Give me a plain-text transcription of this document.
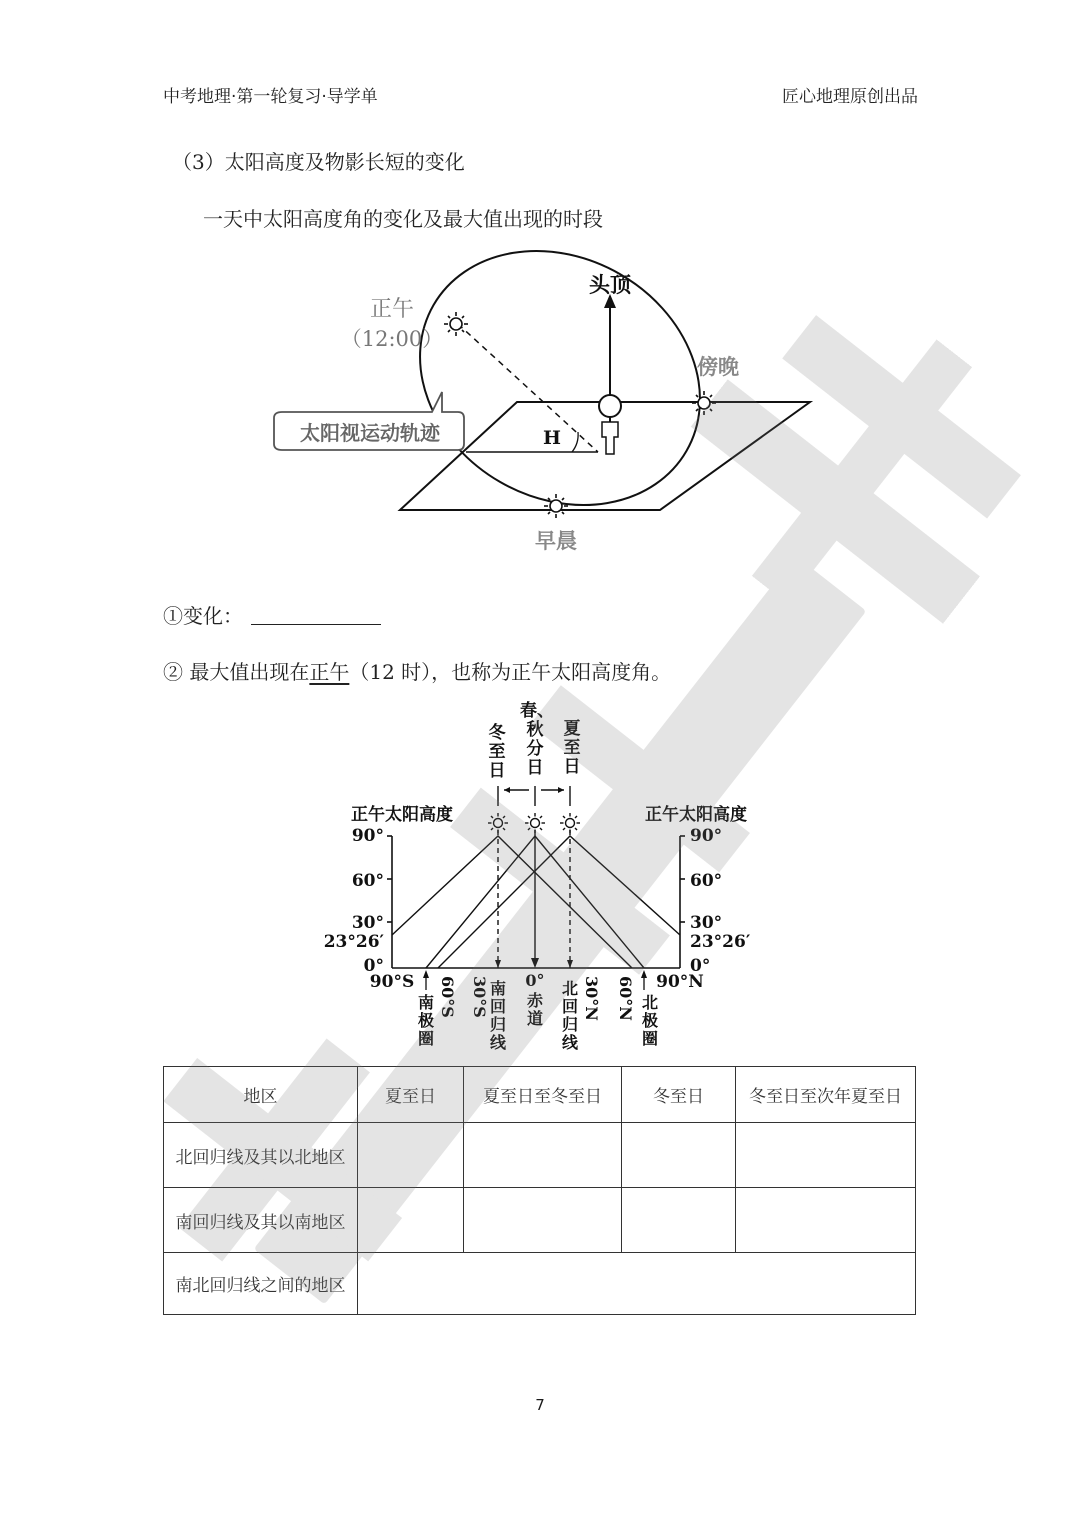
中考地理·第一轮复习·导学单	匠心地理原创出品
（3）太阳高度及物影长短的变化
一天中太阳高度角的变化及最大值出现的时段
太阳视运动轨迹
头顶
正午
（12:00）
傍晚
早晨
H
①变化：
② 最大值出现在正午（12 时），也称为正午太阳高度角。
冬
至
日
春、
秋
分
日
夏
至
日
正午太阳高度	正午太阳高度
90°
60°
30°
23°26′
0°
90°
60°
30°
23°26′
0°
90°S	90°N
南
极
圈
60°S 30°S 南
回
归
线
0°
赤
道
北
回
归
线
30°N 60°N 北
极
圈
地区	夏至日	夏至日至冬至日	冬至日	冬至日至次年夏至日
北回归线及其以北地区				
南回归线及其以南地区				
南北回归线之间的地区				
7
